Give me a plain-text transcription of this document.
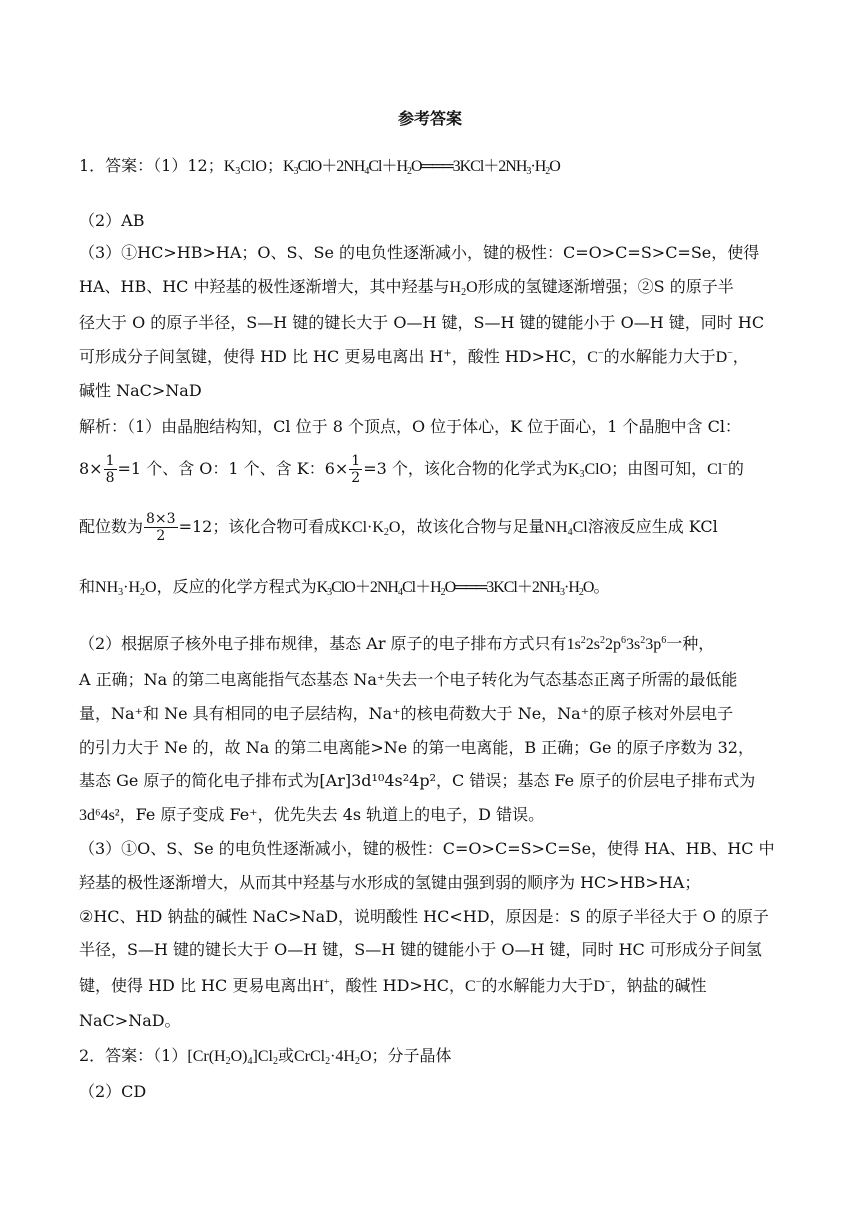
参考答案
1．答案：（1）12；$K_3ClO$；$K_3ClO+2NH_4Cl+H_2O═══3KCl+2NH_3\cdot H_2O$
（2）AB
（3）①HC>HB>HA；O、S、Se 的电负性逐渐减小，键的极性：C=O>C=S>C=Se，使得
HA、HB、HC 中羟基的极性逐渐增大，其中羟基与$H_2O$形成的氢键逐渐增强；②S 的原子半
径大于 O 的原子半径，S—H 键的键长大于 O—H 键，S—H 键的键能小于 O—H 键，同时 HC
可形成分子间氢键，使得 HD 比 HC 更易电离出 H+，酸性 HD>HC，C−的水解能力大于D−，
碱性 NaC>NaD
解析：（1）由晶胞结构知，Cl 位于 8 个顶点，O 位于体心，K 位于面心，1 个晶胞中含 Cl：
$8\times \frac{1}{8} =1$ 个、含 O：1 个、含 K：$6\times \frac{1}{2} =3$ 个，该化合物的化学式为$K_3ClO$；由图可知，Cl−的
配位数为 $\frac{8\times 3}{2} =12$；该化合物可看成$KCl\cdot K_2O$，故该化合物与足量$NH_4Cl$溶液反应生成 KCl
和$NH_3\cdot H_2O$，反应的化学方程式为$K_3ClO+2NH_4Cl+H_2O═══3KCl+2NH_3\cdot H_2O$。
（2）根据原子核外电子排布规律，基态 Ar 原子的电子排布方式只有$1s^22s^22p^63s^23p^6$一种，
A 正确；Na 的第二电离能指气态基态 Na⁺失去一个电子转化为气态基态正离子所需的最低能
量，Na⁺和 Ne 具有相同的电子层结构，Na⁺的核电荷数大于 Ne，Na⁺的原子核对外层电子
的引力大于 Ne 的，故 Na 的第二电离能>Ne 的第一电离能，B 正确；Ge 的原子序数为 32，
基态 Ge 原子的简化电子排布式为[Ar]3d¹⁰4s²4p²，C 错误；基态 Fe 原子的价层电子排布式为
3d⁶4s²，Fe 原子变成 Fe⁺，优先失去 4s 轨道上的电子，D 错误。
（3）①O、S、Se 的电负性逐渐减小，键的极性：C=O>C=S>C=Se，使得 HA、HB、HC 中
羟基的极性逐渐增大，从而其中羟基与水形成的氢键由强到弱的顺序为 HC>HB>HA；
②HC、HD 钠盐的碱性 NaC>NaD，说明酸性 HC<HD，原因是：S 的原子半径大于 O 的原子
半径，S—H 键的键长大于 O—H 键，S—H 键的键能小于 O—H 键，同时 HC 可形成分子间氢
键，使得 HD 比 HC 更易电离出H+，酸性 HD>HC，C−的水解能力大于D−，钠盐的碱性
NaC>NaD。
2．答案：$(1)[Cr(H_2O)_4]Cl_2$或$CrCl_2\cdot 4H_2O$；分子晶体
（2）CD
